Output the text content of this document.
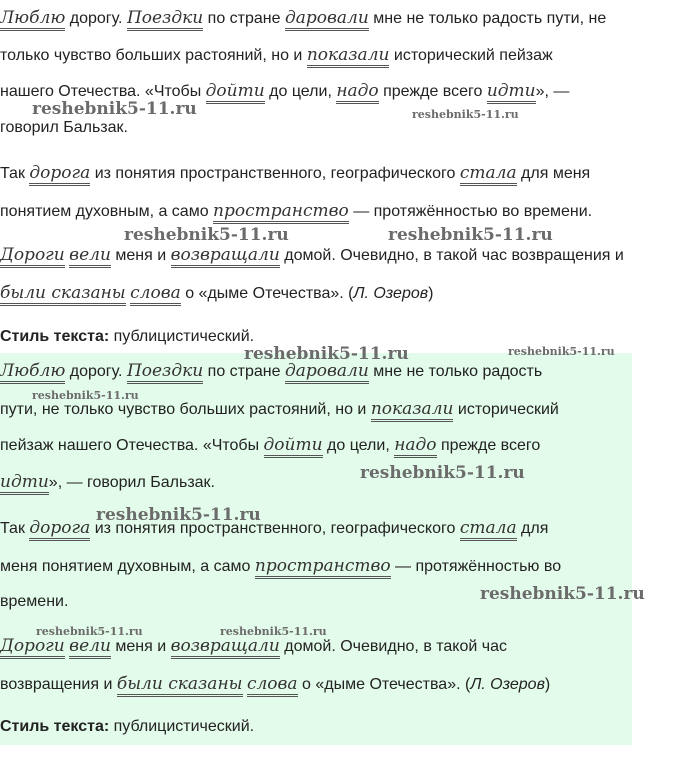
Люблю дорогу. Поездки по стране даровали мне не только радость пути, не
только чувство больших растояний, но и показали исторический пейзаж
нашего Отечества. «Чтобы дойти до цели, надо прежде всего идти», —
говорил Бальзак.
Так дорога из понятия пространственного, географического стала для меня
понятием духовным, а само пространство — протяжённостью во времени.
Дороги вели меня и возвращали домой. Очевидно, в такой час возвращения и
были сказаны слова о «дыме Отечества». (Л. Озеров)
Стиль текста: публицистический.
Люблю дорогу. Поездки по стране даровали мне не только радость
пути, не только чувство больших растояний, но и показали исторический
пейзаж нашего Отечества. «Чтобы дойти до цели, надо прежде всего
идти», — говорил Бальзак.
Так дорога из понятия пространственного, географического стала для
меня понятием духовным, а само пространство — протяжённостью во
времени.
Дороги вели меня и возвращали домой. Очевидно, в такой час
возвращения и были сказаны слова о «дыме Отечества». (Л. Озеров)
Стиль текста: публицистический.
reshebnik5-11.ru	reshebnik5-11.ru
reshebnik5-11.ru	reshebnik5-11.ru
reshebnik5-11.ru	reshebnik5-11.ru
reshebnik5-11.ru
reshebnik5-11.ru
reshebnik5-11.ru
reshebnik5-11.ru
reshebnik5-11.ru	reshebnik5-11.ru
